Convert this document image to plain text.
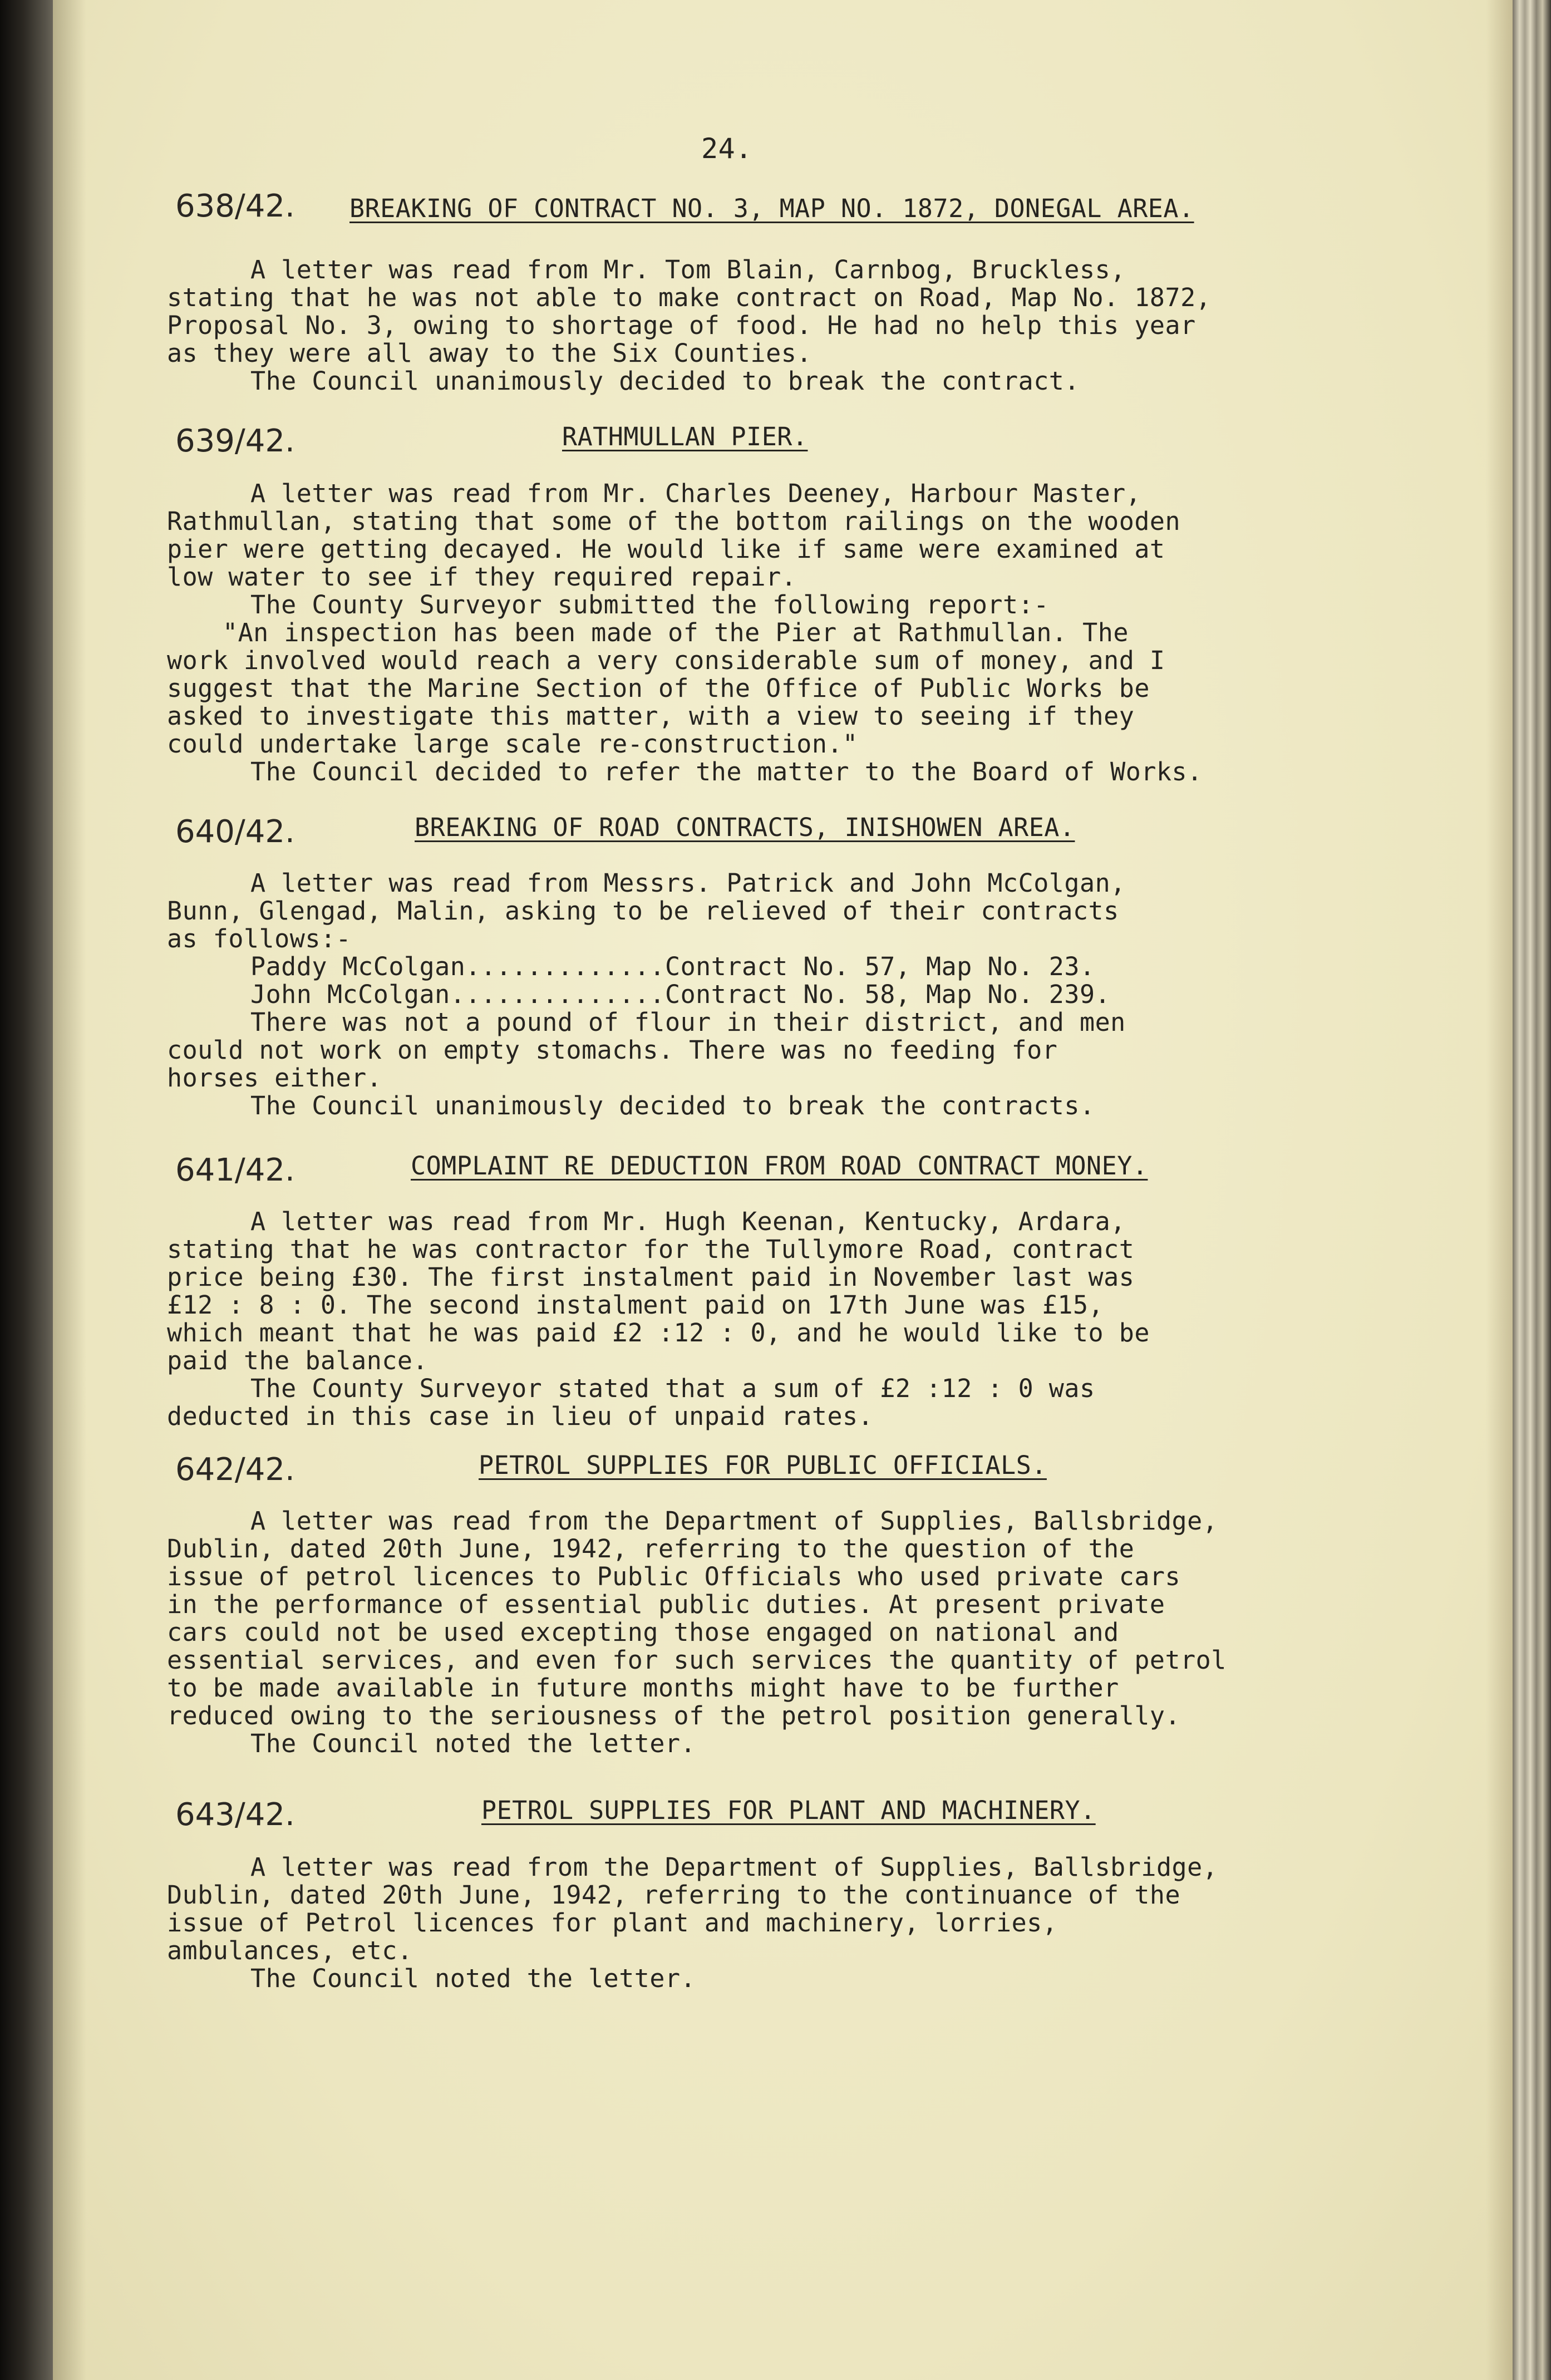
24.
638/42. BREAKING OF CONTRACT NO. 3, MAP NO. 1872, DONEGAL AREA.
A letter was read from Mr. Tom Blain, Carnbog, Bruckless,
stating that he was not able to make contract on Road, Map No. 1872,
Proposal No. 3, owing to shortage of food. He had no help this year
as they were all away to the Six Counties.
The Council unanimously decided to break the contract.
639/42.	RATHMULLAN PIER.
A letter was read from Mr. Charles Deeney, Harbour Master,
Rathmullan, stating that some of the bottom railings on the wooden
pier were getting decayed. He would like if same were examined at
low water to see if they required repair.
The County Surveyor submitted the following report:-
"An inspection has been made of the Pier at Rathmullan. The
work involved would reach a very considerable sum of money, and I
suggest that the Marine Section of the Office of Public Works be
asked to investigate this matter, with a view to seeing if they
could undertake large scale re-construction."
The Council decided to refer the matter to the Board of Works.
640/42.	BREAKING OF ROAD CONTRACTS, INISHOWEN AREA.
A letter was read from Messrs. Patrick and John McColgan,
Bunn, Glengad, Malin, asking to be relieved of their contracts
as follows:-
Paddy McColgan.............Contract No. 57, Map No. 23.
John McColgan..............Contract No. 58, Map No. 239.
There was not a pound of flour in their district, and men
could not work on empty stomachs. There was no feeding for
horses either.
The Council unanimously decided to break the contracts.
641/42.	COMPLAINT RE DEDUCTION FROM ROAD CONTRACT MONEY.
A letter was read from Mr. Hugh Keenan, Kentucky, Ardara,
stating that he was contractor for the Tullymore Road, contract
price being £30. The first instalment paid in November last was
£12 : 8 : 0. The second instalment paid on 17th June was £15,
which meant that he was paid £2 :12 : 0, and he would like to be
paid the balance.
The County Surveyor stated that a sum of £2 :12 : 0 was
deducted in this case in lieu of unpaid rates.
642/42.	PETROL SUPPLIES FOR PUBLIC OFFICIALS.
A letter was read from the Department of Supplies, Ballsbridge,
Dublin, dated 20th June, 1942, referring to the question of the
issue of petrol licences to Public Officials who used private cars
in the performance of essential public duties. At present private
cars could not be used excepting those engaged on national and
essential services, and even for such services the quantity of petrol
to be made available in future months might have to be further
reduced owing to the seriousness of the petrol position generally.
The Council noted the letter.
643/42.	PETROL SUPPLIES FOR PLANT AND MACHINERY.
A letter was read from the Department of Supplies, Ballsbridge,
Dublin, dated 20th June, 1942, referring to the continuance of the
issue of Petrol licences for plant and machinery, lorries,
ambulances, etc.
The Council noted the letter.
